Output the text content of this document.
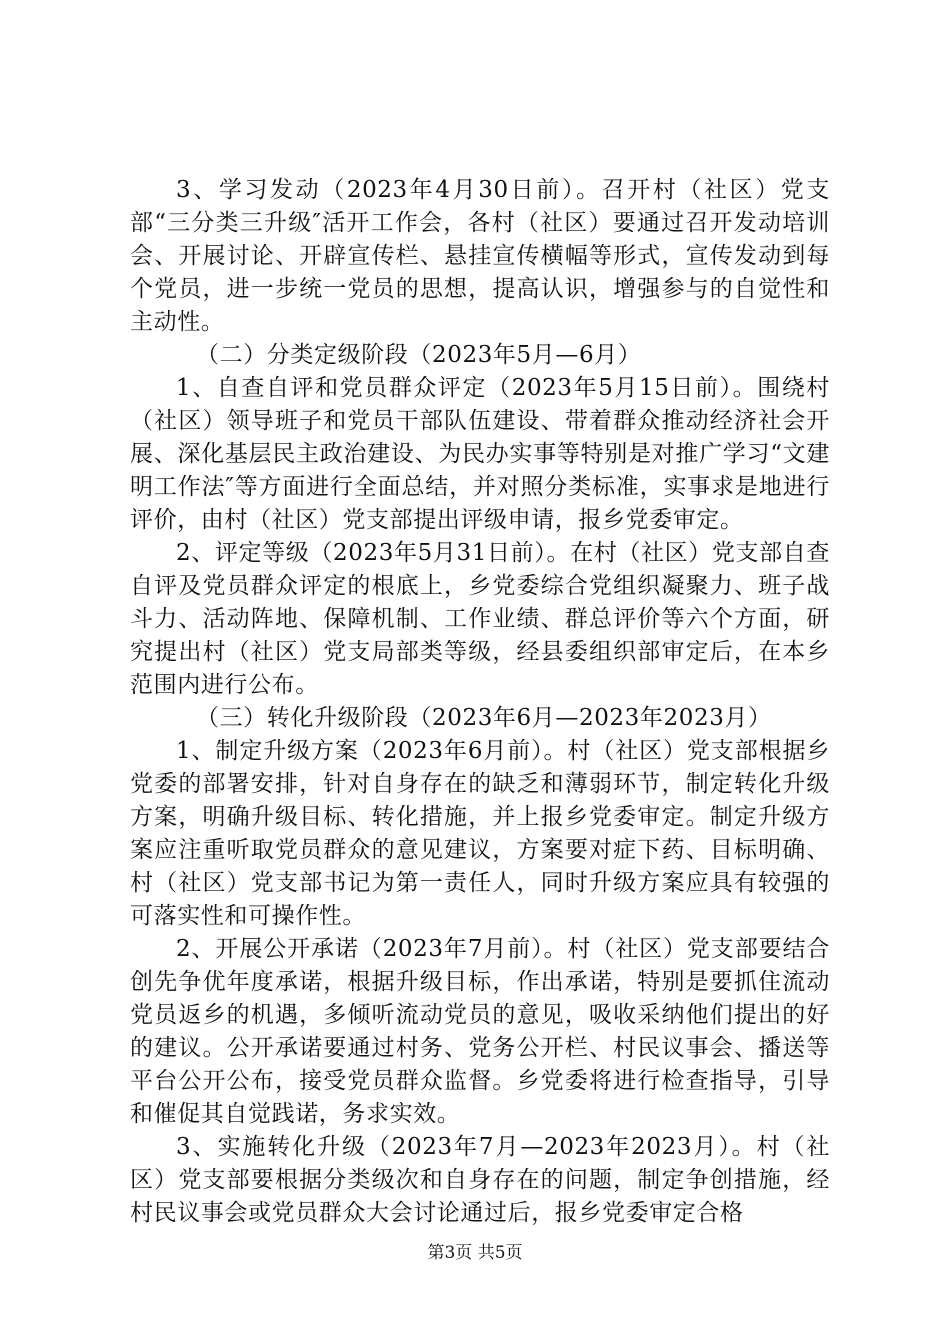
3、学习发动（2023年4月30日前）。召开村（社区）党支部“三分类三升级″活开工作会，各村（社区）要通过召开发动培训会、开展讨论、开辟宣传栏、悬挂宣传横幅等形式，宣传发动到每个党员，进一步统一党员的思想，提高认识，增强参与的自觉性和主动性。

（二）分类定级阶段（2023年5月—6月）

1、自查自评和党员群众评定（2023年5月15日前）。围绕村（社区）领导班子和党员干部队伍建设、带着群众推动经济社会开展、深化基层民主政治建设、为民办实事等特别是对推广学习“文建明工作法″等方面进行全面总结，并对照分类标准，实事求是地进行评价，由村（社区）党支部提出评级申请，报乡党委审定。

2、评定等级（2023年5月31日前）。在村（社区）党支部自查自评及党员群众评定的根底上，乡党委综合党组织凝聚力、班子战斗力、活动阵地、保障机制、工作业绩、群总评价等六个方面，研究提出村（社区）党支局部类等级，经县委组织部审定后，在本乡范围内进行公布。

（三）转化升级阶段（2023年6月—2023年2023月）

1、制定升级方案（2023年6月前）。村（社区）党支部根据乡党委的部署安排，针对自身存在的缺乏和薄弱环节，制定转化升级方案，明确升级目标、转化措施，并上报乡党委审定。制定升级方案应注重听取党员群众的意见建议，方案要对症下药、目标明确、村（社区）党支部书记为第一责任人，同时升级方案应具有较强的可落实性和可操作性。

2、开展公开承诺（2023年7月前）。村（社区）党支部要结合创先争优年度承诺，根据升级目标，作出承诺，特别是要抓住流动党员返乡的机遇，多倾听流动党员的意见，吸收采纳他们提出的好的建议。公开承诺要通过村务、党务公开栏、村民议事会、播送等平台公开公布，接受党员群众监督。乡党委将进行检查指导，引导和催促其自觉践诺，务求实效。

3、实施转化升级（2023年7月—2023年2023月）。村（社区）党支部要根据分类级次和自身存在的问题，制定争创措施，经村民议事会或党员群众大会讨论通过后，报乡党委审定合格

第3页 共5页
